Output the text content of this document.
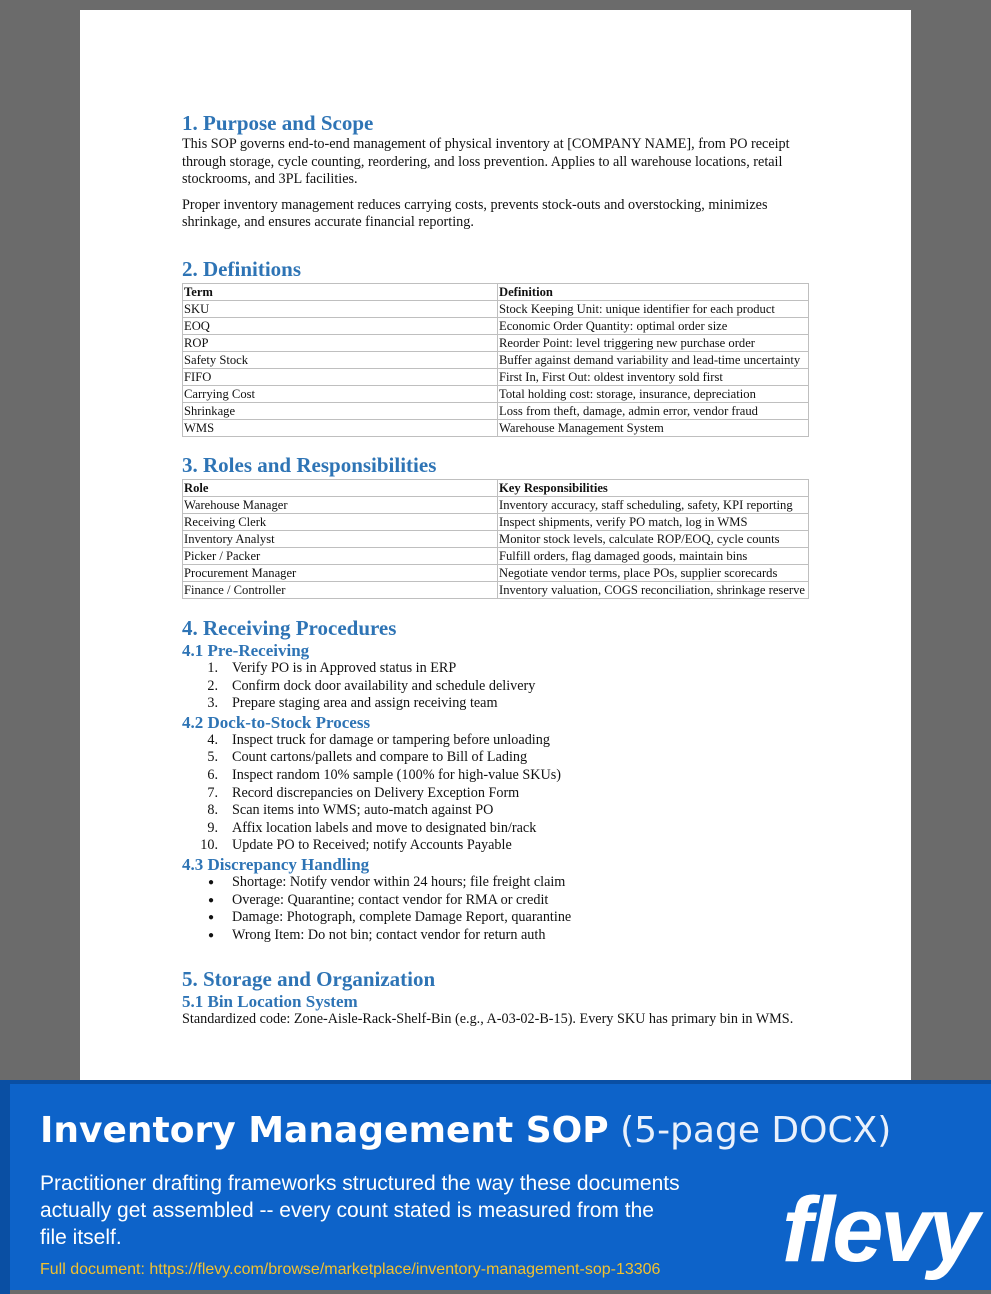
1. Purpose and Scope

This SOP governs end-to-end management of physical inventory at [COMPANY NAME], from PO receipt through storage, cycle counting, reordering, and loss prevention. Applies to all warehouse locations, retail stockrooms, and 3PL facilities.

Proper inventory management reduces carrying costs, prevents stock-outs and overstocking, minimizes shrinkage, and ensures accurate financial reporting.

2. Definitions
Term	Definition
SKU	Stock Keeping Unit: unique identifier for each product
EOQ	Economic Order Quantity: optimal order size
ROP	Reorder Point: level triggering new purchase order
Safety Stock	Buffer against demand variability and lead-time uncertainty
FIFO	First In, First Out: oldest inventory sold first
Carrying Cost	Total holding cost: storage, insurance, depreciation
Shrinkage	Loss from theft, damage, admin error, vendor fraud
WMS	Warehouse Management System
3. Roles and Responsibilities
Role	Key Responsibilities
Warehouse Manager	Inventory accuracy, staff scheduling, safety, KPI reporting
Receiving Clerk	Inspect shipments, verify PO match, log in WMS
Inventory Analyst	Monitor stock levels, calculate ROP/EOQ, cycle counts
Picker / Packer	Fulfill orders, flag damaged goods, maintain bins
Procurement Manager	Negotiate vendor terms, place POs, supplier scorecards
Finance / Controller	Inventory valuation, COGS reconciliation, shrinkage reserve
4. Receiving Procedures
4.1 Pre-Receiving
1. Verify PO is in Approved status in ERP
2. Confirm dock door availability and schedule delivery
3. Prepare staging area and assign receiving team
4.2 Dock-to-Stock Process
4. Inspect truck for damage or tampering before unloading
5. Count cartons/pallets and compare to Bill of Lading
6. Inspect random 10% sample (100% for high-value SKUs)
7. Record discrepancies on Delivery Exception Form
8. Scan items into WMS; auto-match against PO
9. Affix location labels and move to designated bin/rack
10. Update PO to Received; notify Accounts Payable
4.3 Discrepancy Handling
● Shortage: Notify vendor within 24 hours; file freight claim
● Overage: Quarantine; contact vendor for RMA or credit
● Damage: Photograph, complete Damage Report, quarantine
● Wrong Item: Do not bin; contact vendor for return auth
5. Storage and Organization
5.1 Bin Location System

Standardized code: Zone-Aisle-Rack-Shelf-Bin (e.g., A-03-02-B-15). Every SKU has primary bin in WMS.

Inventory Management SOP (5-page DOCX)
Practitioner drafting frameworks structured the way these documents actually get assembled -- every count stated is measured from the file itself.
Full document: https://flevy.com/browse/marketplace/inventory-management-sop-13306 flevy
